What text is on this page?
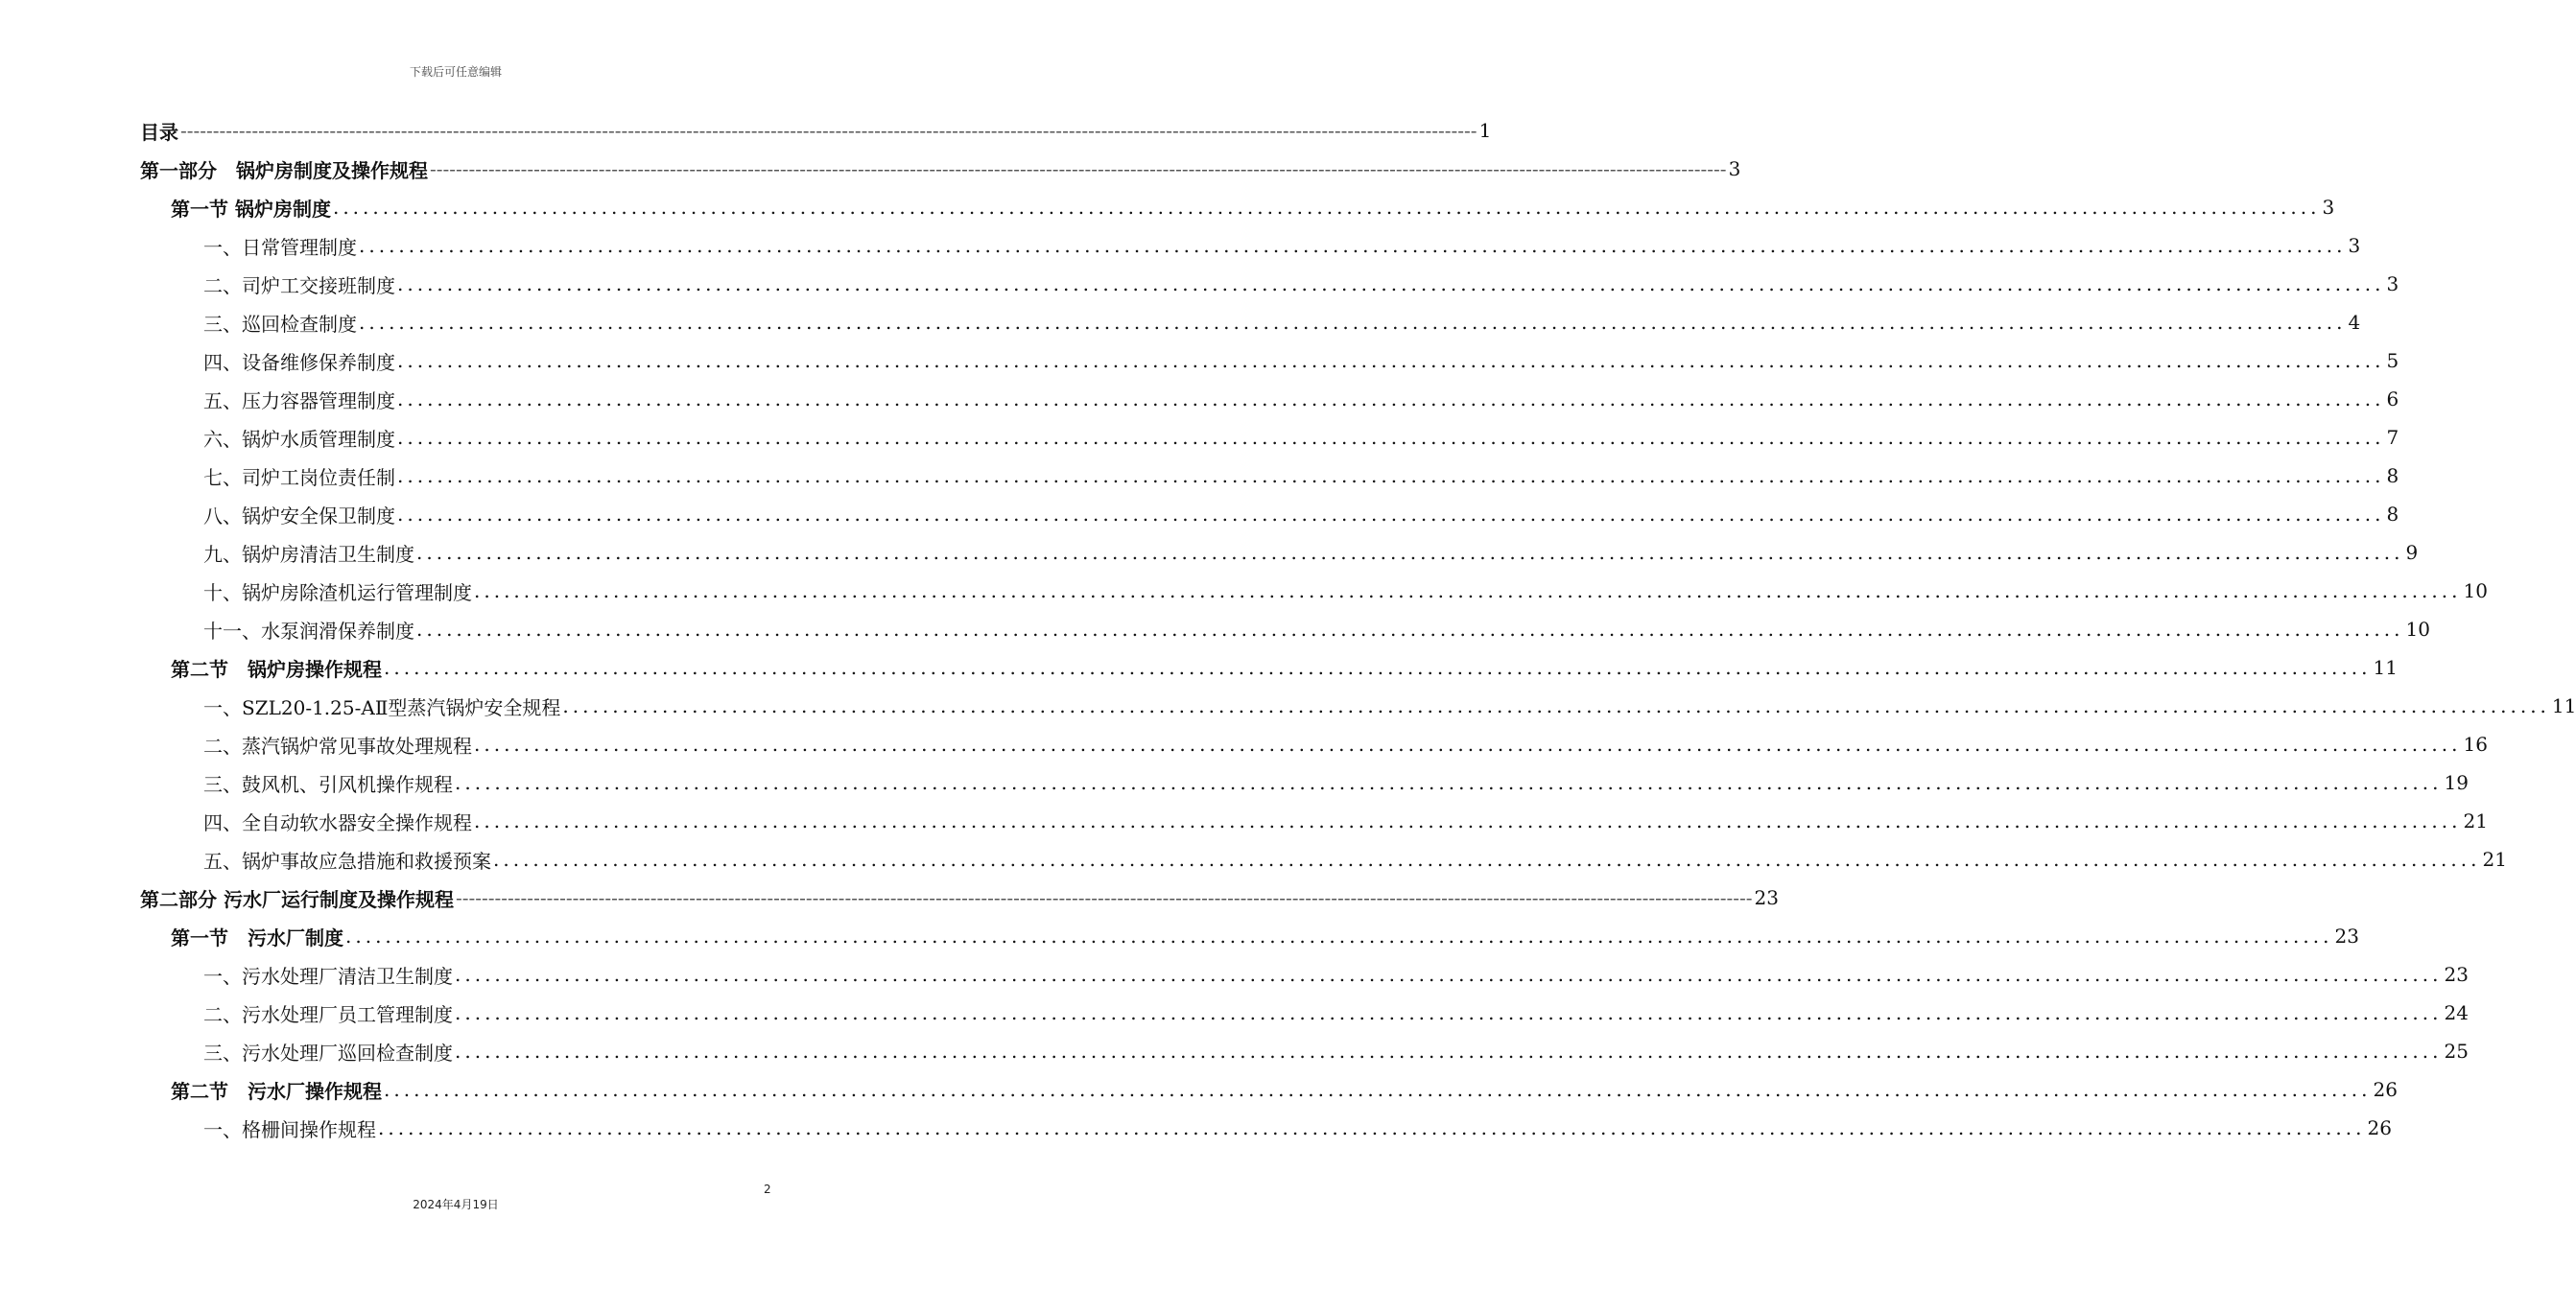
下载后可任意编辑
目录 -------------------------------------------------------------------------------------------------------------------------------------------------------------------------------------------------------- 1
第一部分　锅炉房制度及操作规程 -------------------------------------------------------------------------------------------------------------------------------------------------------------------------------------------------------- 3
第一节 锅炉房制度 ........................................................................................................................................................................................................ 3
一、日常管理制度 ........................................................................................................................................................................................................ 3
二、司炉工交接班制度 ........................................................................................................................................................................................................ 3
三、巡回检查制度 ........................................................................................................................................................................................................ 4
四、设备维修保养制度 ........................................................................................................................................................................................................ 5
五、压力容器管理制度 ........................................................................................................................................................................................................ 6
六、锅炉水质管理制度 ........................................................................................................................................................................................................ 7
七、司炉工岗位责任制 ........................................................................................................................................................................................................ 8
八、锅炉安全保卫制度 ........................................................................................................................................................................................................ 8
九、锅炉房清洁卫生制度 ........................................................................................................................................................................................................ 9
十、锅炉房除渣机运行管理制度 ........................................................................................................................................................................................................ 10
十一、水泵润滑保养制度 ........................................................................................................................................................................................................ 10
第二节　锅炉房操作规程 ........................................................................................................................................................................................................ 11
一、SZL20-1.25-AⅡ型蒸汽锅炉安全规程 ........................................................................................................................................................................................................ 11
二、蒸汽锅炉常见事故处理规程 ........................................................................................................................................................................................................ 16
三、鼓风机、引风机操作规程 ........................................................................................................................................................................................................ 19
四、全自动软水器安全操作规程 ........................................................................................................................................................................................................ 21
五、锅炉事故应急措施和救援预案 ........................................................................................................................................................................................................ 21
第二部分 污水厂运行制度及操作规程 -------------------------------------------------------------------------------------------------------------------------------------------------------------------------------------------------------- 23
第一节　污水厂制度 ........................................................................................................................................................................................................ 23
一、污水处理厂清洁卫生制度 ........................................................................................................................................................................................................ 23
二、污水处理厂员工管理制度 ........................................................................................................................................................................................................ 24
三、污水处理厂巡回检查制度 ........................................................................................................................................................................................................ 25
第二节　污水厂操作规程 ........................................................................................................................................................................................................ 26
一、格栅间操作规程 ........................................................................................................................................................................................................ 26
2
2024年4月19日
